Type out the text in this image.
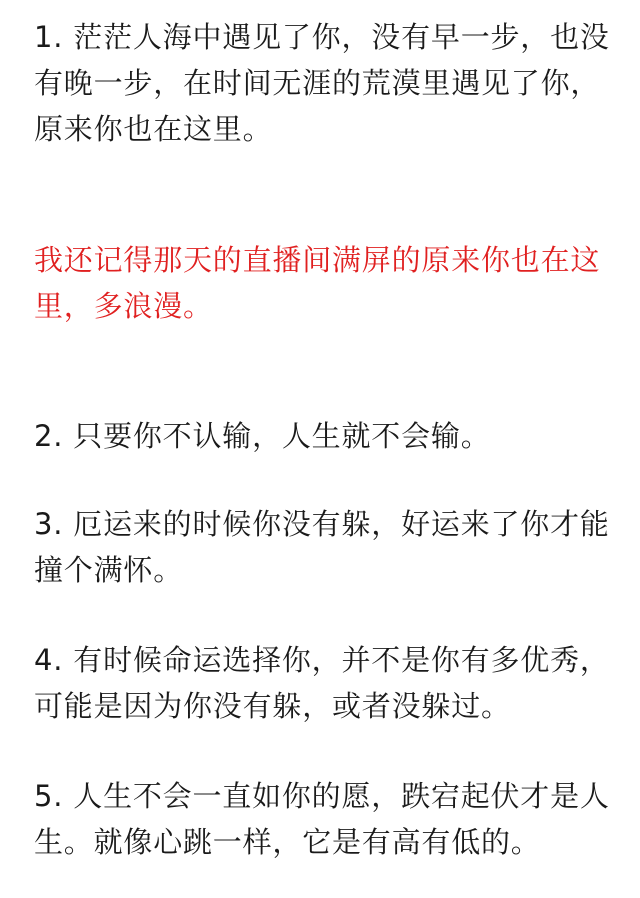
1. 茫茫人海中遇见了你，没有早一步，也没有晚一步，在时间无涯的荒漠里遇见了你，原来你也在这里。

我还记得那天的直播间满屏的原来你也在这里，多浪漫。

2. 只要你不认输，人生就不会输。

3. 厄运来的时候你没有躲，好运来了你才能撞个满怀。

4. 有时候命运选择你，并不是你有多优秀，可能是因为你没有躲，或者没躲过。

5. 人生不会一直如你的愿，跌宕起伏才是人生。就像心跳一样，它是有高有低的。
